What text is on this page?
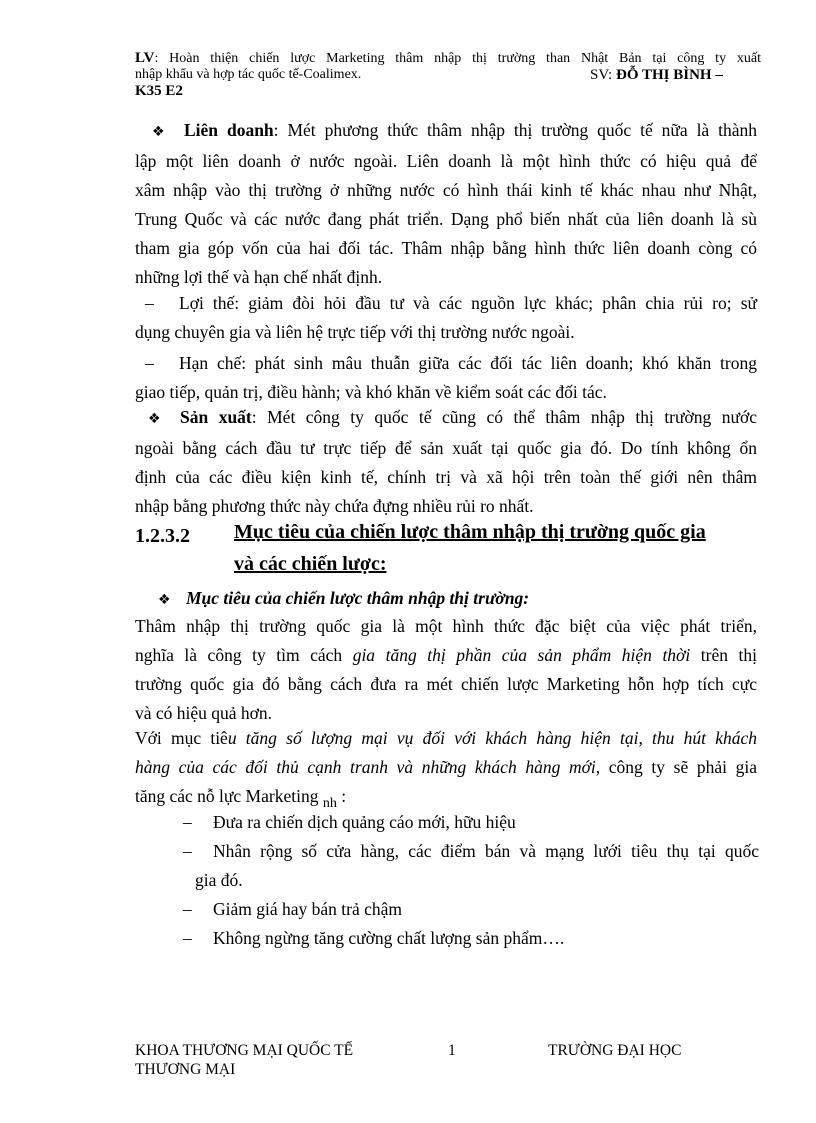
LV: Hoàn thiện chiến lược Marketing thâm nhập thị trường than Nhật Bản tại công ty xuất
nhập khẩu và hợp tác quốc tế-Coalimex.	SV: ĐỖ THỊ BÌNH –
K35 E2
❖ Liên doanh: Mét phương thức thâm nhập thị trường quốc tế nữa là thành
lập một liên doanh ở nước ngoài. Liên doanh là một hình thức có hiệu quả để
xâm nhập vào thị trường ở những nước có hình thái kinh tế khác nhau như Nhật,
Trung Quốc và các nước đang phát triển. Dạng phổ biến nhất của liên doanh là sù
tham gia góp vốn của hai đối tác. Thâm nhập bằng hình thức liên doanh còng có
những lợi thế và hạn chế nhất định.
– Lợi thế: giảm đòi hỏi đầu tư và các nguồn lực khác; phân chia rủi ro; sử
dụng chuyên gia và liên hệ trực tiếp với thị trường nước ngoài.
– Hạn chế: phát sinh mâu thuẫn giữa các đối tác liên doanh; khó khăn trong
giao tiếp, quản trị, điều hành; và khó khăn về kiểm soát các đối tác.
❖ Sản xuất: Mét công ty quốc tế cũng có thể thâm nhập thị trường nước
ngoài bằng cách đầu tư trực tiếp để sản xuất tại quốc gia đó. Do tính không ổn
định của các điều kiện kinh tế, chính trị và xã hội trên toàn thế giới nên thâm
nhập bằng phương thức này chứa đựng nhiều rủi ro nhất.
1.2.3.2 Mục tiêu của chiến lược thâm nhập thị trường quốc gia
và các chiến lược:
❖ Mục tiêu của chiến lược thâm nhập thị trường:
Thâm nhập thị trường quốc gia là một hình thức đặc biệt của việc phát triển,
nghĩa là công ty tìm cách gia tăng thị phần của sản phẩm hiện thời trên thị
trường quốc gia đó bằng cách đưa ra mét chiến lược Marketing hỗn hợp tích cực
và có hiệu quả hơn.
Với mục tiêu tăng số lượng mại vụ đối với khách hàng hiện tại, thu hút khách
hàng của các đối thủ cạnh tranh và những khách hàng mới, công ty sẽ phải gia
tăng các nỗ lực Marketing $_{nh}$ :
– Đưa ra chiến dịch quảng cáo mới, hữu hiệu
– Nhân rộng số cửa hàng, các điểm bán và mạng lưới tiêu thụ tại quốc
gia đó.
– Giảm giá hay bán trả chậm
– Không ngừng tăng cường chất lượng sản phẩm….
KHOA THƯƠNG MẠI QUỐC TẾ
THƯƠNG MẠI
1	TRƯỜNG ĐẠI HỌC
